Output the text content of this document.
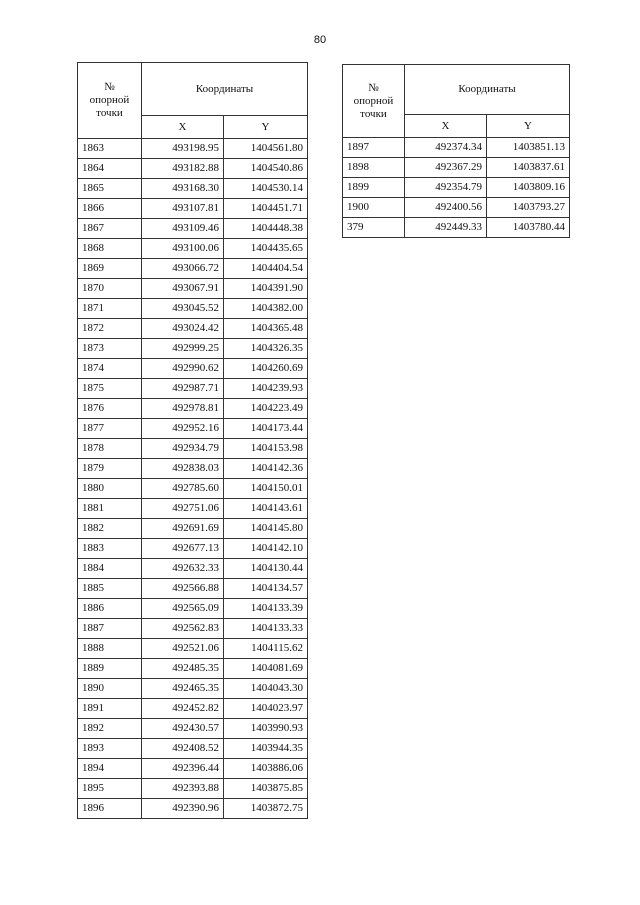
80
№
опорной
точки	Координаты	
	X	Y
1863	493198.95	1404561.80
1864	493182.88	1404540.86
1865	493168.30	1404530.14
1866	493107.81	1404451.71
1867	493109.46	1404448.38
1868	493100.06	1404435.65
1869	493066.72	1404404.54
1870	493067.91	1404391.90
1871	493045.52	1404382.00
1872	493024.42	1404365.48
1873	492999.25	1404326.35
1874	492990.62	1404260.69
1875	492987.71	1404239.93
1876	492978.81	1404223.49
1877	492952.16	1404173.44
1878	492934.79	1404153.98
1879	492838.03	1404142.36
1880	492785.60	1404150.01
1881	492751.06	1404143.61
1882	492691.69	1404145.80
1883	492677.13	1404142.10
1884	492632.33	1404130.44
1885	492566.88	1404134.57
1886	492565.09	1404133.39
1887	492562.83	1404133.33
1888	492521.06	1404115.62
1889	492485.35	1404081.69
1890	492465.35	1404043.30
1891	492452.82	1404023.97
1892	492430.57	1403990.93
1893	492408.52	1403944.35
1894	492396.44	1403886.06
1895	492393.88	1403875.85
1896	492390.96	1403872.75
№
опорной
точки	Координаты	
	X	Y
1897	492374.34	1403851.13
1898	492367.29	1403837.61
1899	492354.79	1403809.16
1900	492400.56	1403793.27
379	492449.33	1403780.44
